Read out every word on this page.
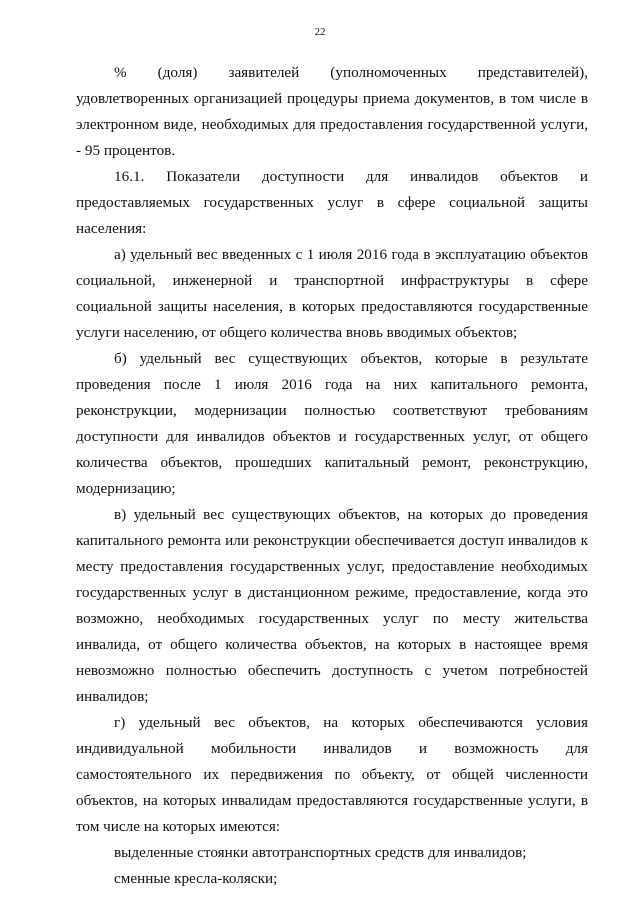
22

% (доля) заявителей (уполномоченных представителей), удовлетворенных организацией процедуры приема документов, в том числе в электронном виде, необходимых для предоставления государственной услуги, - 95 процентов.

16.1. Показатели доступности для инвалидов объектов и предоставляемых государственных услуг в сфере социальной защиты населения:

а) удельный вес введенных с 1 июля 2016 года в эксплуатацию объектов социальной, инженерной и транспортной инфраструктуры в сфере социальной защиты населения, в которых предоставляются государственные услуги населению, от общего количества вновь вводимых объектов;

б) удельный вес существующих объектов, которые в результате проведения после 1 июля 2016 года на них капитального ремонта, реконструкции, модернизации полностью соответствуют требованиям доступности для инвалидов объектов и государственных услуг, от общего количества объектов, прошедших капитальный ремонт, реконструкцию, модернизацию;

в) удельный вес существующих объектов, на которых до проведения капитального ремонта или реконструкции обеспечивается доступ инвалидов к месту предоставления государственных услуг, предоставление необходимых государственных услуг в дистанционном режиме, предоставление, когда это возможно, необходимых государственных услуг по месту жительства инвалида, от общего количества объектов, на которых в настоящее время невозможно полностью обеспечить доступность с учетом потребностей инвалидов;

г) удельный вес объектов, на которых обеспечиваются условия индивидуальной мобильности инвалидов и возможность для самостоятельного их передвижения по объекту, от общей численности объектов, на которых инвалидам предоставляются государственные услуги, в том числе на которых имеются:

выделенные стоянки автотранспортных средств для инвалидов;

сменные кресла-коляски;
